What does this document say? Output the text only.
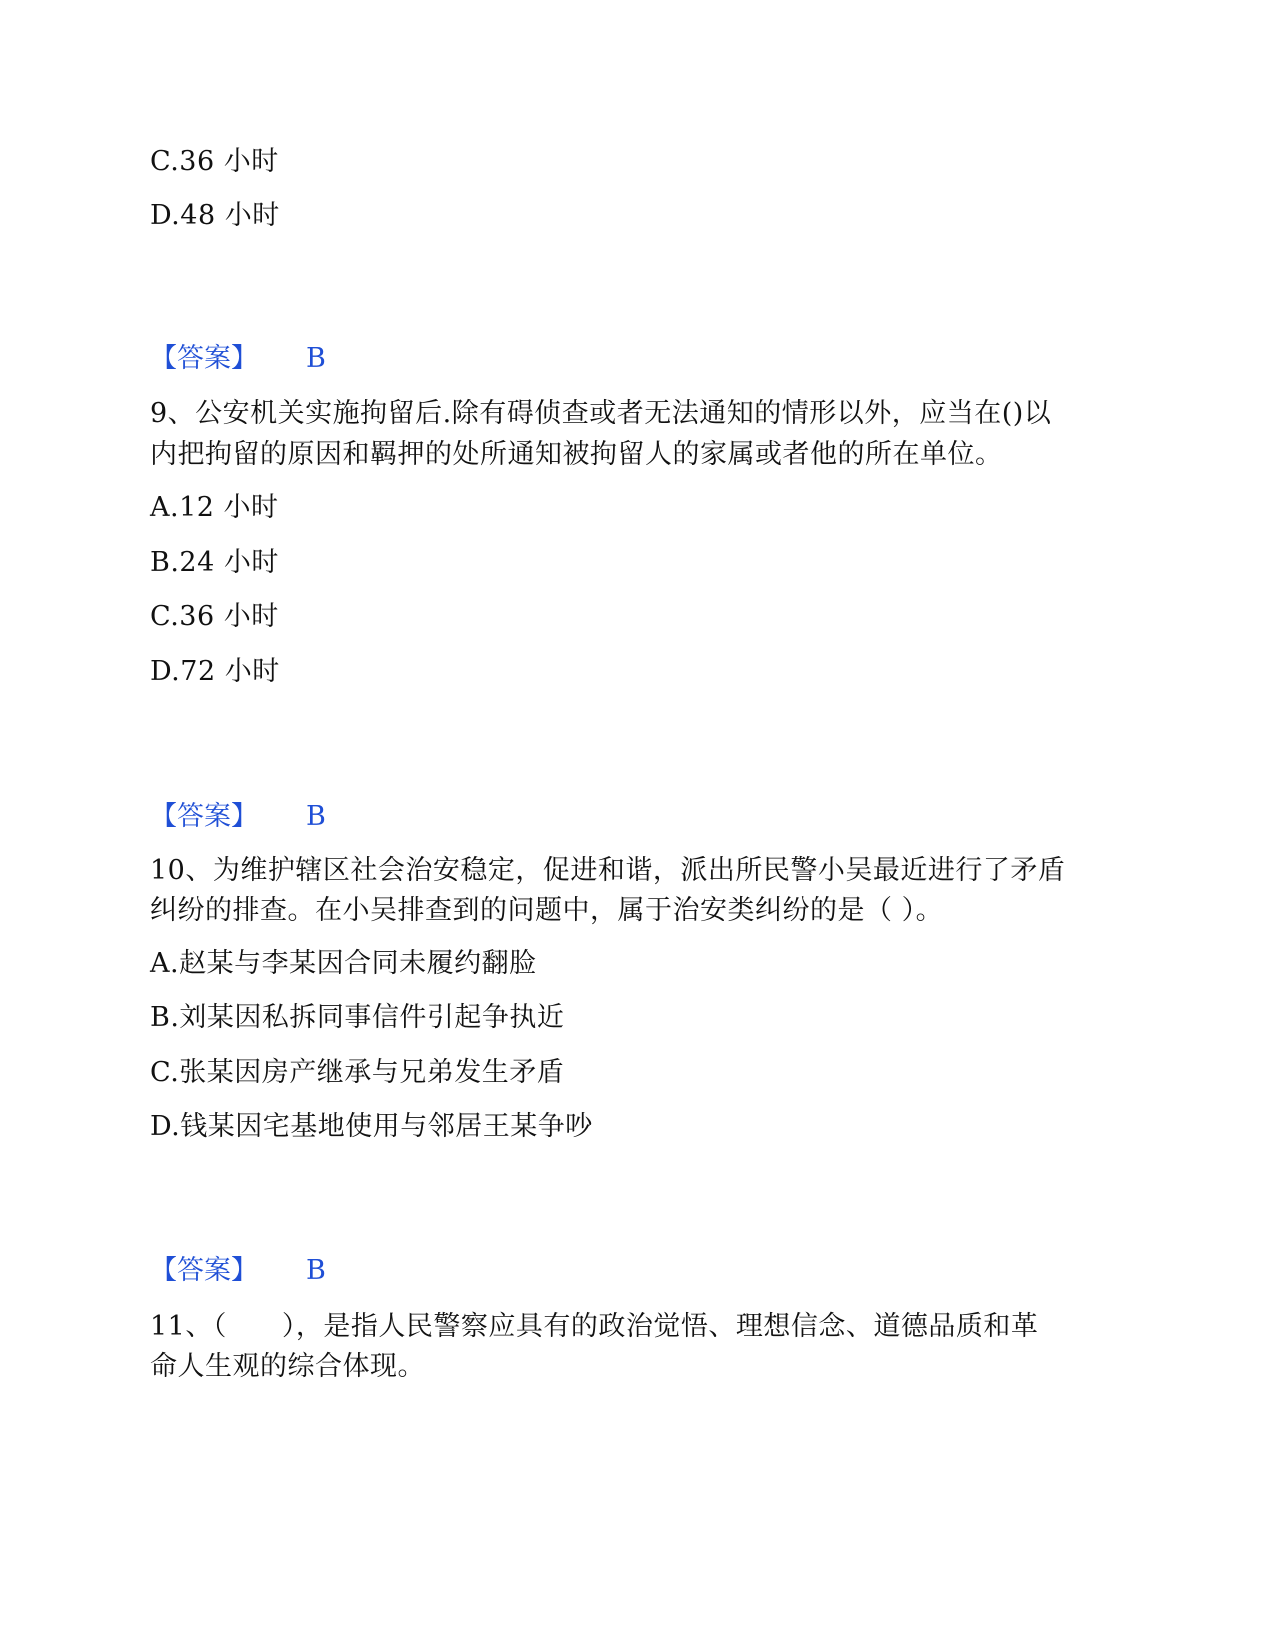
C.36 小时
D.48 小时
【答案】 B
9、公安机关实施拘留后.除有碍侦查或者无法通知的情形以外，应当在()以
内把拘留的原因和羁押的处所通知被拘留人的家属或者他的所在单位。
A.12 小时
B.24 小时
C.36 小时
D.72 小时
【答案】 B
10、为维护辖区社会治安稳定，促进和谐，派出所民警小吴最近进行了矛盾
纠纷的排查。在小吴排查到的问题中，属于治安类纠纷的是（ ）。
A.赵某与李某因合同未履约翻脸
B.刘某因私拆同事信件引起争执近
C.张某因房产继承与兄弟发生矛盾
D.钱某因宅基地使用与邻居王某争吵
【答案】 B
11、（　　），是指人民警察应具有的政治觉悟、理想信念、道德品质和革
命人生观的综合体现。
